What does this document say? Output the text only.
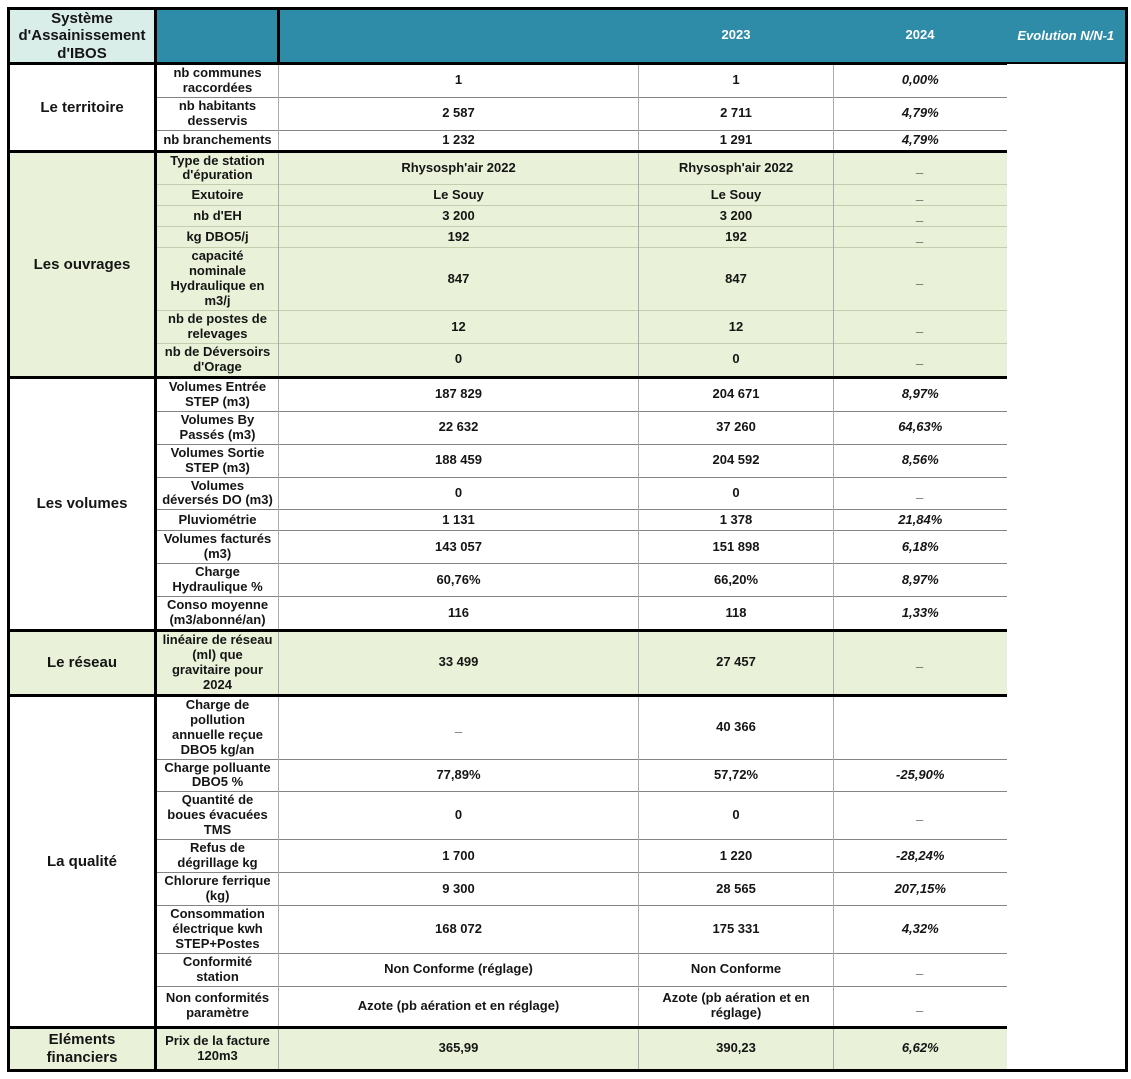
Système d'Assainissement d'IBOS			2023	2024	Evolution N/N-1
Le territoire	nb communes raccordées	1	1	0,00%	
	nb habitants desservis	2 587	2 711	4,79%	
	nb branchements	1 232	1 291	4,79%	
Les ouvrages	Type de station d'épuration	Rhysosph'air 2022	Rhysosph'air 2022	_	
	Exutoire	Le Souy	Le Souy	_	
	nb d'EH	3 200	3 200	_	
	kg DBO5/j	192	192	_	
	capacité nominale Hydraulique en m3/j	847	847	_	
	nb de postes de relevages	12	12	_	
	nb de Déversoirs d'Orage	0	0	_	
Les volumes	Volumes Entrée STEP (m3)	187 829	204 671	8,97%	
	Volumes By Passés (m3)	22 632	37 260	64,63%	
	Volumes Sortie STEP (m3)	188 459	204 592	8,56%	
	Volumes déversés DO (m3)	0	0	_	
	Pluviométrie	1 131	1 378	21,84%	
	Volumes facturés (m3)	143 057	151 898	6,18%	
	Charge Hydraulique %	60,76%	66,20%	8,97%	
	Conso moyenne (m3/abonné/an)	116	118	1,33%	
Le réseau	linéaire de réseau (ml) que gravitaire pour 2024	33 499	27 457	_	
La qualité	Charge de pollution annuelle reçue DBO5 kg/an	_	40 366		
	Charge polluante DBO5 %	77,89%	57,72%	-25,90%	
	Quantité de boues évacuées TMS	0	0	_	
	Refus de dégrillage kg	1 700	1 220	-28,24%	
	Chlorure ferrique (kg)	9 300	28 565	207,15%	
	Consommation électrique kwh STEP+Postes	168 072	175 331	4,32%	
	Conformité station	Non Conforme (réglage)	Non Conforme	_	
	Non conformités paramètre	Azote (pb aération et en réglage)	Azote (pb aération et en réglage)	_	
Eléments financiers	Prix de la facture 120m3	365,99	390,23	6,62%	
